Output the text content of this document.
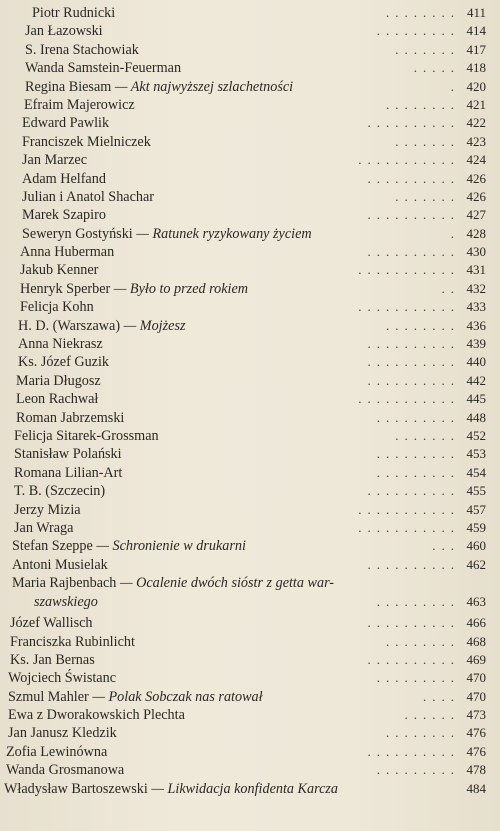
Piotr Rudnicki	........ 411
Jan Łazowski	......... 414
S. Irena Stachowiak	....... 417
Wanda Samstein-Feuerman	..... 418
Regina Biesam — Akt najwyższej szlachetności	. 420
Efraim Majerowicz	........ 421
Edward Pawlik	.......... 422
Franciszek Mielniczek	....... 423
Jan Marzec	........... 424
Adam Helfand	.......... 426
Julian i Anatol Shachar	....... 426
Marek Szapiro	.......... 427
Seweryn Gostyński — Ratunek ryzykowany życiem	. 428
Anna Huberman	.......... 430
Jakub Kenner	........... 431
Henryk Sperber — Było to przed rokiem	.. 432
Felicja Kohn	........... 433
H. D. (Warszawa) — Mojżesz	........ 436
Anna Niekrasz	.......... 439
Ks. Józef Guzik	.......... 440
Maria Długosz	.......... 442
Leon Rachwał	........... 445
Roman Jabrzemski	......... 448
Felicja Sitarek-Grossman	....... 452
Stanisław Polański	......... 453
Romana Lilian-Art	......... 454
T. B. (Szczecin)	.......... 455
Jerzy Mizia	........... 457
Jan Wraga	........... 459
Stefan Szeppe — Schronienie w drukarni	... 460
Antoni Musielak	.......... 462
Maria Rajbenbach — Ocalenie dwóch sióstr z getta war-
szawskiego	......... 463
Józef Wallisch	.......... 466
Franciszka Rubinlicht	........ 468
Ks. Jan Bernas	.......... 469
Wojciech Świstanc	......... 470
Szmul Mahler — Polak Sobczak nas ratował	.... 470
Ewa z Dworakowskich Plechta	...... 473
Jan Janusz Kledzik	........ 476
Zofia Lewinówna	.......... 476
Wanda Grosmanowa	......... 478
Władysław Bartoszewski — Likwidacja konfidenta Karcza	484
